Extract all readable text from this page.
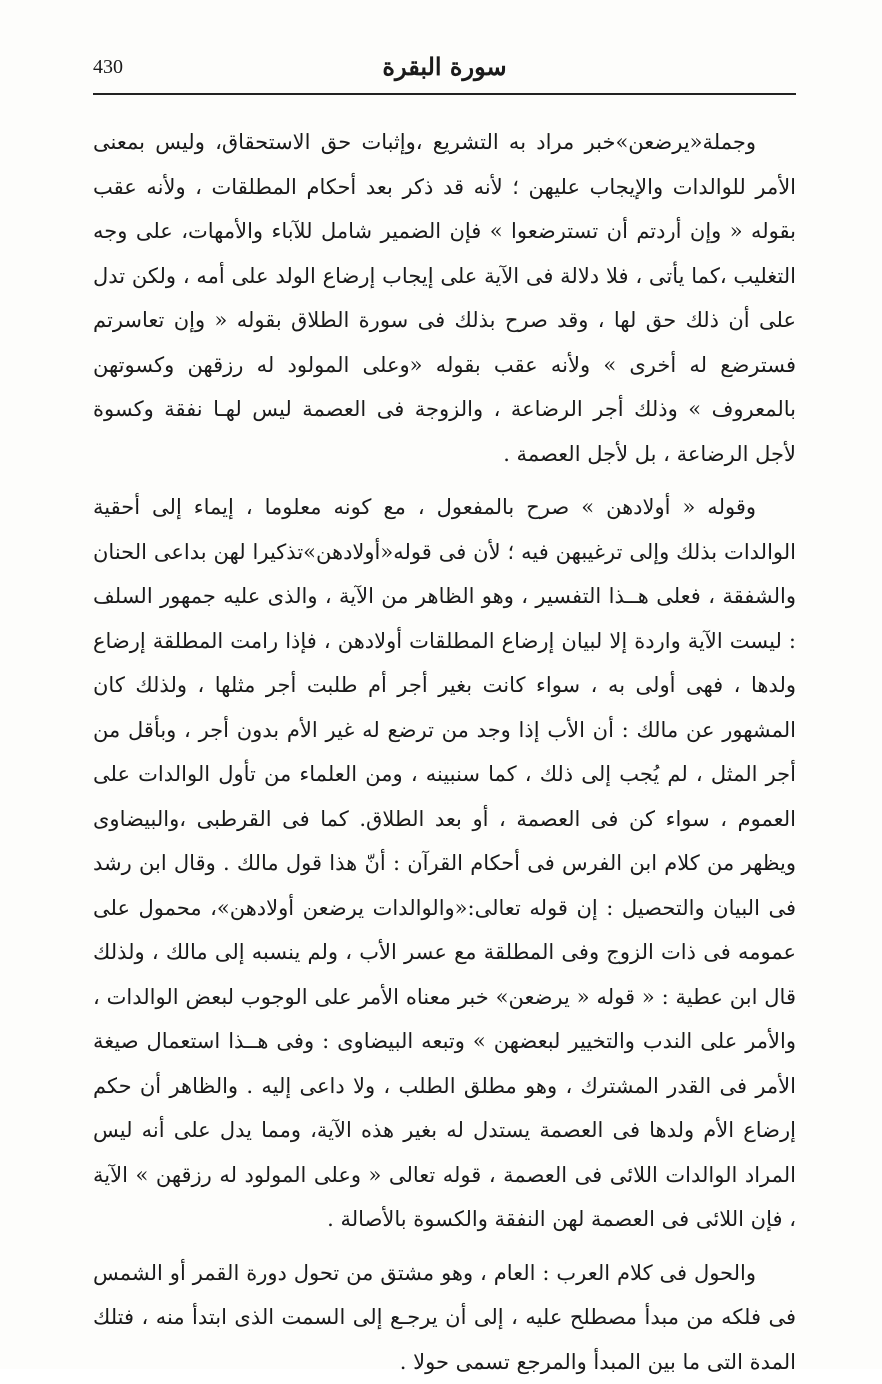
430	سورة البقرة

وجملة«يرضعن»خبر مراد به التشريع ،وإثبات حق الاستحقاق، وليس بمعنى الأمر للوالدات والإيجاب عليهن ؛ لأنه قد ذكر بعد أحكام المطلقات ، ولأنه عقب بقوله « وإن أردتم أن تسترضعوا » فإن الضمير شامل للآباء والأمهات، على وجه التغليب ،كما يأتى ، فلا دلالة فى الآية على إيجاب إرضاع الولد على أمه ، ولكن تدل على أن ذلك حق لها ، وقد صرح بذلك فى سورة الطلاق بقوله « وإن تعاسرتم فسترضع له أخرى » ولأنه عقب بقوله «وعلى المولود له رزقهن وكسوتهن بالمعروف » وذلك أجر الرضاعة ، والزوجة فى العصمة ليس لهـا نفقة وكسوة لأجل الرضاعة ، بل لأجل العصمة .

وقوله « أولادهن » صرح بالمفعول ، مع كونه معلوما ، إيماء إلى أحقية الوالدات بذلك وإلى ترغيبهن فيه ؛ لأن فى قوله«أولادهن»تذكيرا لهن بداعى الحنان والشفقة ، فعلى هــذا التفسير ، وهو الظاهر من الآية ، والذى عليه جمهور السلف : ليست الآية واردة إلا لبيان إرضاع المطلقات أولادهن ، فإذا رامت المطلقة إرضاع ولدها ، فهى أولى به ، سواء كانت بغير أجر أم طلبت أجر مثلها ، ولذلك كان المشهور عن مالك : أن الأب إذا وجد من ترضع له غير الأم بدون أجر ، وبأقل من أجر المثل ، لم يُجب إلى ذلك ، كما سنبينه ، ومن العلماء من تأول الوالدات على العموم ، سواء كن فى العصمة ، أو بعد الطلاق. كما فى القرطبى ،والبيضاوى ويظهر من كلام ابن الفرس فى أحكام القرآن : أنّ هذا قول مالك . وقال ابن رشد فى البيان والتحصيل : إن قوله تعالى:«والوالدات يرضعن أولادهن»، محمول على عمومه فى ذات الزوج وفى المطلقة مع عسر الأب ، ولم ينسبه إلى مالك ، ولذلك قال ابن عطية : « قوله « يرضعن» خبر معناه الأمر على الوجوب لبعض الوالدات ، والأمر على الندب والتخيير لبعضهن » وتبعه البيضاوى : وفى هــذا استعمال صيغة الأمر فى القدر المشترك ، وهو مطلق الطلب ، ولا داعى إليه . والظاهر أن حكم إرضاع الأم ولدها فى العصمة يستدل له بغير هذه الآية، ومما يدل على أنه ليس المراد الوالدات اللائى فى العصمة ، قوله تعالى « وعلى المولود له رزقهن » الآية ، فإن اللائى فى العصمة لهن النفقة والكسوة بالأصالة .

والحول فى كلام العرب : العام ، وهو مشتق من تحول دورة القمر أو الشمس فى فلكه من مبدأ مصطلح عليه ، إلى أن يرجـع إلى السمت الذى ابتدأ منه ، فتلك المدة التى ما بين المبدأ والمرجع تسمى حولا .
